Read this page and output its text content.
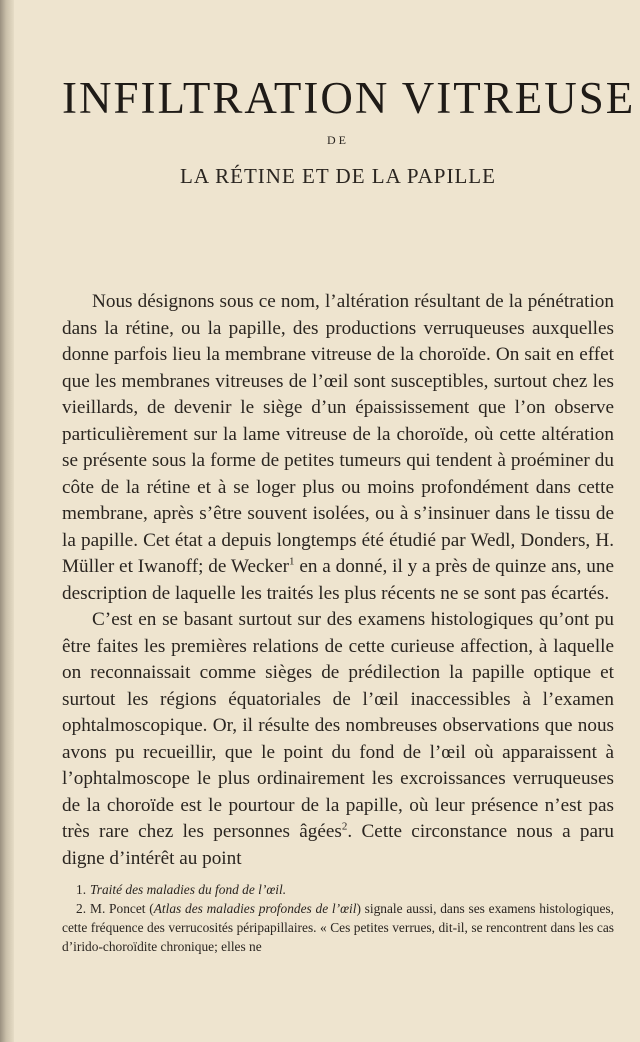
INFILTRATION VITREUSE
DE
LA RÉTINE ET DE LA PAPILLE

Nous désignons sous ce nom, l’altération résultant de la pénétration dans la rétine, ou la papille, des productions verruqueuses auxquelles donne parfois lieu la membrane vitreuse de la choroïde. On sait en effet que les membranes vitreuses de l’œil sont susceptibles, surtout chez les vieillards, de devenir le siège d’un épaississement que l’on observe particulièrement sur la lame vitreuse de la choroïde, où cette altération se présente sous la forme de petites tumeurs qui tendent à proéminer du côte de la rétine et à se loger plus ou moins profondément dans cette membrane, après s’être souvent isolées, ou à s’insinuer dans le tissu de la papille. Cet état a depuis longtemps été étudié par Wedl, Donders, H. Müller et Iwanoff; de Wecker$^1$ en a donné, il y a près de quinze ans, une description de laquelle les traités les plus récents ne se sont pas écartés.

C’est en se basant surtout sur des examens histologiques qu’ont pu être faites les premières relations de cette curieuse affection, à laquelle on reconnaissait comme sièges de prédilection la papille optique et surtout les régions équatoriales de l’œil inaccessibles à l’examen ophtalmoscopique. Or, il résulte des nombreuses observations que nous avons pu recueillir, que le point du fond de l’œil où apparaissent à l’ophtalmoscope le plus ordinairement les excroissances verruqueuses de la choroïde est le pourtour de la papille, où leur présence n’est pas très rare chez les personnes âgées$^2$. Cette circonstance nous a paru digne d’intérêt au point

1. Traité des maladies du fond de l’œil.

2. M. Poncet (Atlas des maladies profondes de l’œil) signale aussi, dans ses examens histologiques, cette fréquence des verrucosités péripapillaires. « Ces petites verrues, dit-il, se rencontrent dans les cas d’irido-choroïdite chronique; elles ne
